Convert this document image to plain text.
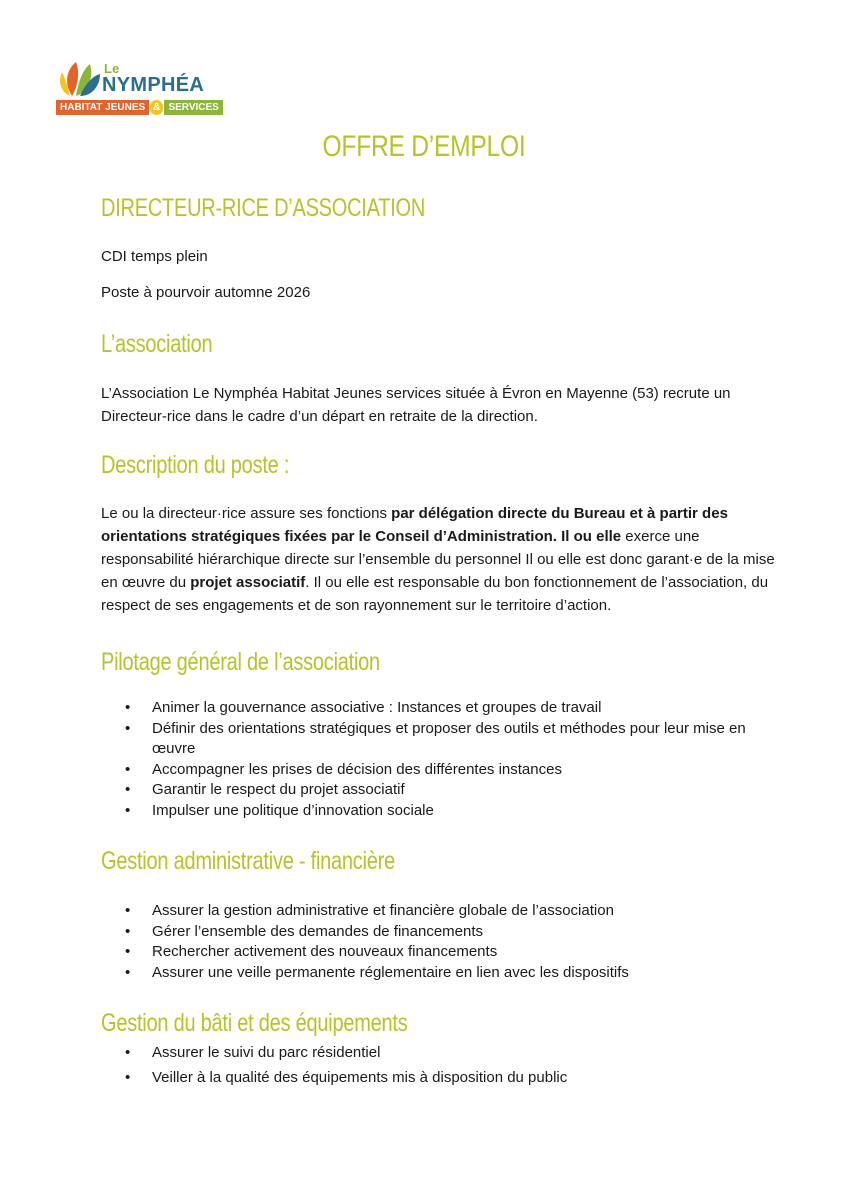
Le
NYMPHÉA
HABITAT JEUNES & SERVICES
OFFRE D’EMPLOI
DIRECTEUR-RICE D’ASSOCIATION

CDI temps plein

Poste à pourvoir automne 2026

L’association

L’Association Le Nymphéa Habitat Jeunes services située à Évron en Mayenne (53) recrute un Directeur-rice dans le cadre d’un départ en retraite de la direction.

Description du poste :

Le ou la directeur·rice assure ses fonctions par délégation directe du Bureau et à partir des orientations stratégiques fixées par le Conseil d’Administration. Il ou elle exerce une responsabilité hiérarchique directe sur l’ensemble du personnel Il ou elle est donc garant·e de la mise en œuvre du projet associatif. Il ou elle est responsable du bon fonctionnement de l’association, du respect de ses engagements et de son rayonnement sur le territoire d’action.

Pilotage général de l’association
• Animer la gouvernance associative : Instances et groupes de travail
• Définir des orientations stratégiques et proposer des outils et méthodes pour leur mise en œuvre
• Accompagner les prises de décision des différentes instances
• Garantir le respect du projet associatif
• Impulser une politique d’innovation sociale
Gestion administrative - financière
• Assurer la gestion administrative et financière globale de l’association
• Gérer l’ensemble des demandes de financements
• Rechercher activement des nouveaux financements
• Assurer une veille permanente réglementaire en lien avec les dispositifs
Gestion du bâti et des équipements
• Assurer le suivi du parc résidentiel
• Veiller à la qualité des équipements mis à disposition du public
